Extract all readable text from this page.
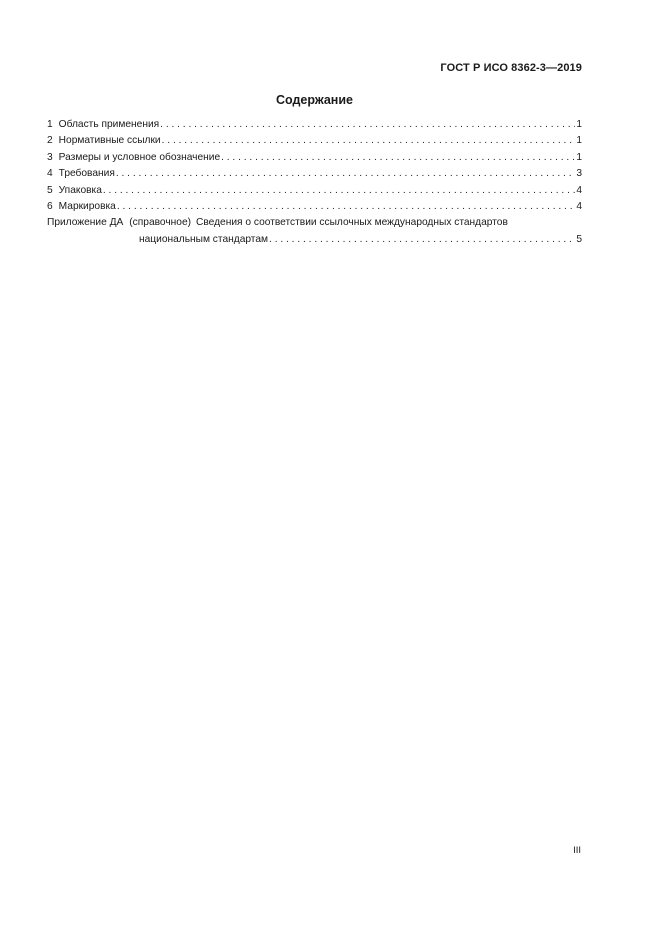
ГОСТ Р ИСО 8362-3—2019
Содержание
1 Область применения . . .	1
2 Нормативные ссылки . . .	1
3 Размеры и условное обозначение . . .	1
4 Требования . . .	3
5 Упаковка . . .	4
6 Маркировка . . .	4
Приложение ДА (справочное) Сведения о соответствии ссылочных международных стандартов
национальным стандартам . . .	5
III
